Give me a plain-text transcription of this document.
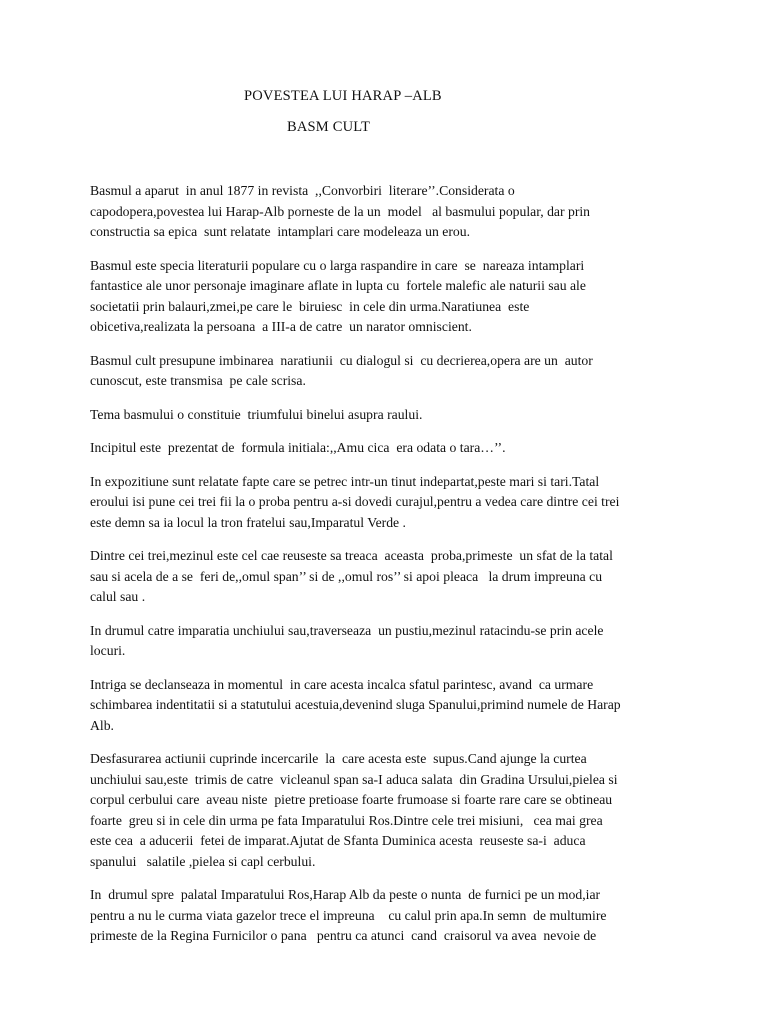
POVESTEA LUI HARAP –ALB
BASM CULT
Basmul a aparut  in anul 1877 in revista  ,,Convorbiri  literare’’.Considerata o
capodopera,povestea lui Harap-Alb porneste de la un  model   al basmului popular, dar prin
constructia sa epica  sunt relatate  intamplari care modeleaza un erou.
Basmul este specia literaturii populare cu o larga raspandire in care  se  nareaza intamplari
fantastice ale unor personaje imaginare aflate in lupta cu  fortele malefic ale naturii sau ale
societatii prin balauri,zmei,pe care le  biruiesc  in cele din urma.Naratiunea  este
obicetiva,realizata la persoana  a III-a de catre  un narator omniscient.
Basmul cult presupune imbinarea  naratiunii  cu dialogul si  cu decrierea,opera are un  autor
cunoscut, este transmisa  pe cale scrisa.
Tema basmului o constituie  triumfului binelui asupra raului.
Incipitul este  prezentat de  formula initiala:,,Amu cica  era odata o tara…’’.
In expozitiune sunt relatate fapte care se petrec intr-un tinut indepartat,peste mari si tari.Tatal
eroului isi pune cei trei fii la o proba pentru a-si dovedi curajul,pentru a vedea care dintre cei trei
este demn sa ia locul la tron fratelui sau,Imparatul Verde .
Dintre cei trei,mezinul este cel cae reuseste sa treaca  aceasta  proba,primeste  un sfat de la tatal
sau si acela de a se  feri de,,omul span’’ si de ,,omul ros’’ si apoi pleaca   la drum impreuna cu
calul sau .
In drumul catre imparatia unchiului sau,traverseaza  un pustiu,mezinul ratacindu-se prin acele
locuri.
Intriga se declanseaza in momentul  in care acesta incalca sfatul parintesc, avand  ca urmare
schimbarea indentitatii si a statutului acestuia,devenind sluga Spanului,primind numele de Harap
Alb.
Desfasurarea actiunii cuprinde incercarile  la  care acesta este  supus.Cand ajunge la curtea
unchiului sau,este  trimis de catre  vicleanul span sa-I aduca salata  din Gradina Ursului,pielea si
corpul cerbului care  aveau niste  pietre pretioase foarte frumoase si foarte rare care se obtineau
foarte  greu si in cele din urma pe fata Imparatului Ros.Dintre cele trei misiuni,   cea mai grea
este cea  a aducerii  fetei de imparat.Ajutat de Sfanta Duminica acesta  reuseste sa-i  aduca
spanului   salatile ,pielea si capl cerbului.
In  drumul spre  palatal Imparatului Ros,Harap Alb da peste o nunta  de furnici pe un mod,iar
pentru a nu le curma viata gazelor trece el impreuna    cu calul prin apa.In semn  de multumire
primeste de la Regina Furnicilor o pana   pentru ca atunci  cand  craisorul va avea  nevoie de
